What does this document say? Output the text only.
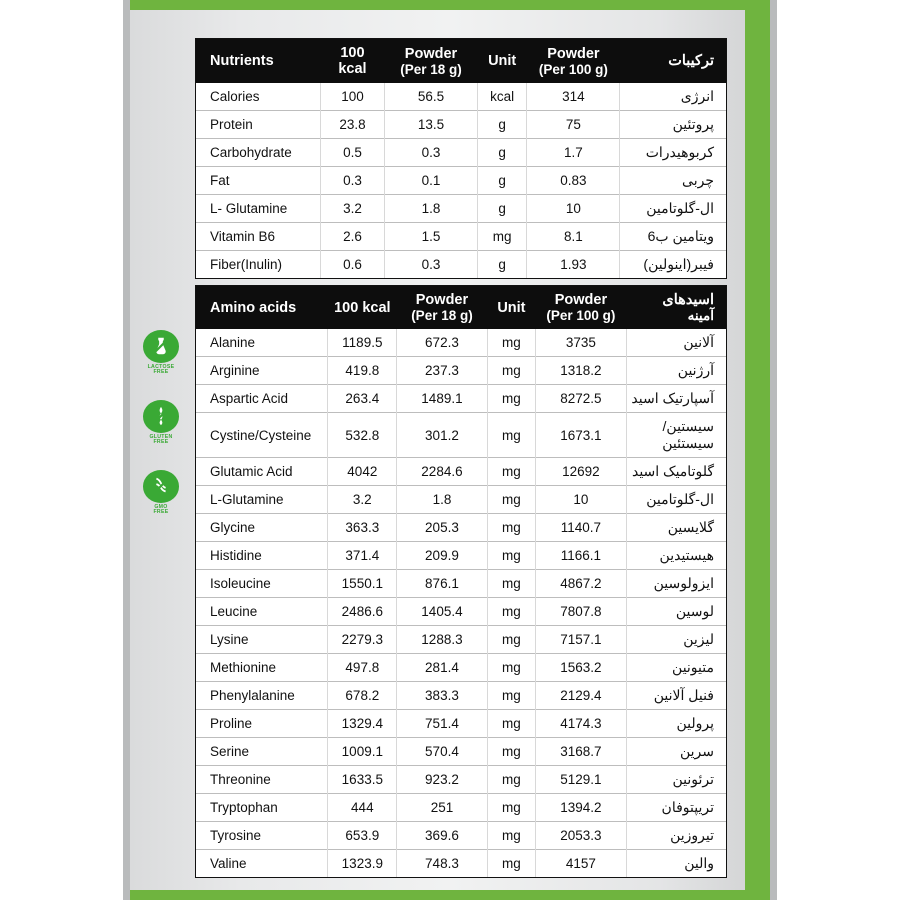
LACTOSE
FREE
GLUTEN
FREE
GMO
FREE
Nutrients	100 kcal	Powder
(Per 18 g)	Unit	Powder
(Per 100 g)	ترکیبات
Calories	100	56.5	kcal	314	انرژی
Protein	23.8	13.5	g	75	پروتئین
Carbohydrate	0.5	0.3	g	1.7	کربوهیدرات
Fat	0.3	0.1	g	0.83	چربی
L- Glutamine	3.2	1.8	g	10	ال-گلوتامین
Vitamin B6	2.6	1.5	mg	8.1	ویتامین ب6
Fiber(Inulin)	0.6	0.3	g	1.93	فیبر(اینولین)
Amino acids	100 kcal	Powder
(Per 18 g)	Unit	Powder
(Per 100 g)	اسیدهای
آمینه

Alanine	1189.5	672.3	mg	3735	آلانین
Arginine	419.8	237.3	mg	1318.2	آرژنین
Aspartic Acid	263.4	1489.1	mg	8272.5	آسپارتیک اسید
Cystine/Cysteine	532.8	301.2	mg	1673.1	سیستین/سیستئین
Glutamic Acid	4042	2284.6	mg	12692	گلوتامیک اسید
L-Glutamine	3.2	1.8	mg	10	ال-گلوتامین
Glycine	363.3	205.3	mg	1140.7	گلایسین
Histidine	371.4	209.9	mg	1166.1	هیستیدین
Isoleucine	1550.1	876.1	mg	4867.2	ایزولوسین
Leucine	2486.6	1405.4	mg	7807.8	لوسین
Lysine	2279.3	1288.3	mg	7157.1	لیزین
Methionine	497.8	281.4	mg	1563.2	متیونین
Phenylalanine	678.2	383.3	mg	2129.4	فنیل آلانین
Proline	1329.4	751.4	mg	4174.3	پرولین
Serine	1009.1	570.4	mg	3168.7	سرین
Threonine	1633.5	923.2	mg	5129.1	ترئونین
Tryptophan	444	251	mg	1394.2	تریپتوفان
Tyrosine	653.9	369.6	mg	2053.3	تیروزین
Valine	1323.9	748.3	mg	4157	والین
